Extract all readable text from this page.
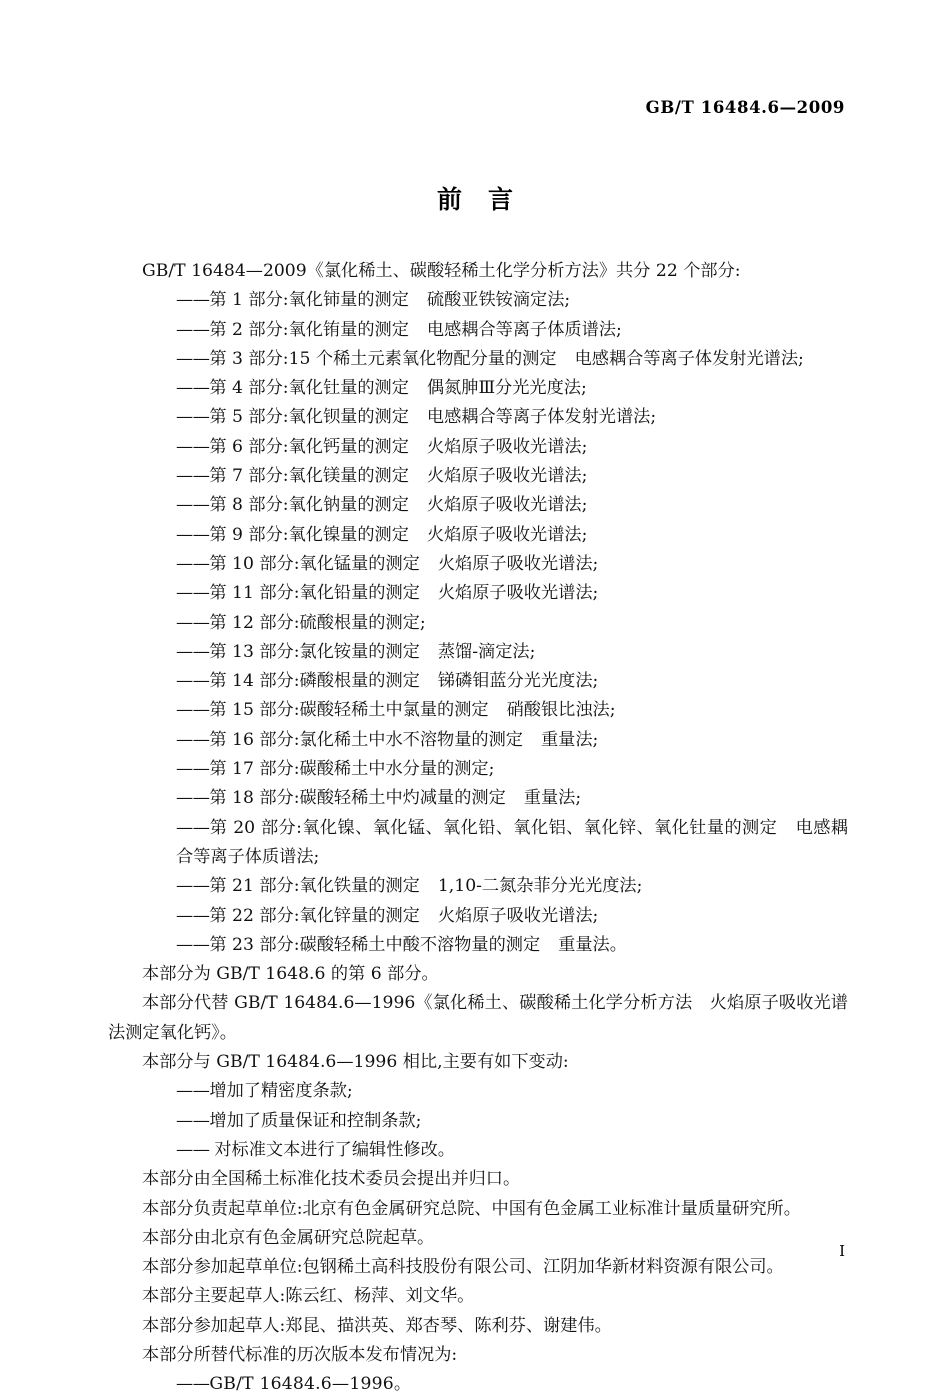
GB/T 16484.6—2009
前言
GB/T 16484—2009《氯化稀土、碳酸轻稀土化学分析方法》共分 22 个部分:
——第 1 部分:氧化铈量的测定 硫酸亚铁铵滴定法;
——第 2 部分:氧化铕量的测定 电感耦合等离子体质谱法;
——第 3 部分:15 个稀土元素氧化物配分量的测定 电感耦合等离子体发射光谱法;
——第 4 部分:氧化钍量的测定 偶氮胂Ⅲ分光光度法;
——第 5 部分:氧化钡量的测定 电感耦合等离子体发射光谱法;
——第 6 部分:氧化钙量的测定 火焰原子吸收光谱法;
——第 7 部分:氧化镁量的测定 火焰原子吸收光谱法;
——第 8 部分:氧化钠量的测定 火焰原子吸收光谱法;
——第 9 部分:氧化镍量的测定 火焰原子吸收光谱法;
——第 10 部分:氧化锰量的测定 火焰原子吸收光谱法;
——第 11 部分:氧化铅量的测定 火焰原子吸收光谱法;
——第 12 部分:硫酸根量的测定;
——第 13 部分:氯化铵量的测定 蒸馏-滴定法;
——第 14 部分:磷酸根量的测定 锑磷钼蓝分光光度法;
——第 15 部分:碳酸轻稀土中氯量的测定 硝酸银比浊法;
——第 16 部分:氯化稀土中水不溶物量的测定 重量法;
——第 17 部分:碳酸稀土中水分量的测定;
——第 18 部分:碳酸轻稀土中灼减量的测定 重量法;
——第 20 部分:氧化镍、氧化锰、氧化铅、氧化铝、氧化锌、氧化钍量的测定 电感耦合等离子体质谱法;
——第 21 部分:氧化铁量的测定 1,10-二氮杂菲分光光度法;
——第 22 部分:氧化锌量的测定 火焰原子吸收光谱法;
——第 23 部分:碳酸轻稀土中酸不溶物量的测定 重量法。
本部分为 GB/T 1648.6 的第 6 部分。
本部分代替 GB/T 16484.6—1996《氯化稀土、碳酸稀土化学分析方法　火焰原子吸收光谱法测定氧化钙》。
本部分与 GB/T 16484.6—1996 相比,主要有如下变动:
——增加了精密度条款;
——增加了质量保证和控制条款;
—— 对标准文本进行了编辑性修改。
本部分由全国稀土标准化技术委员会提出并归口。
本部分负责起草单位:北京有色金属研究总院、中国有色金属工业标准计量质量研究所。
本部分由北京有色金属研究总院起草。
本部分参加起草单位:包钢稀土高科技股份有限公司、江阴加华新材料资源有限公司。
本部分主要起草人:陈云红、杨萍、刘文华。
本部分参加起草人:郑昆、描洪英、郑杏琴、陈利芬、谢建伟。
本部分所替代标准的历次版本发布情况为:
——GB/T 16484.6—1996。
I
